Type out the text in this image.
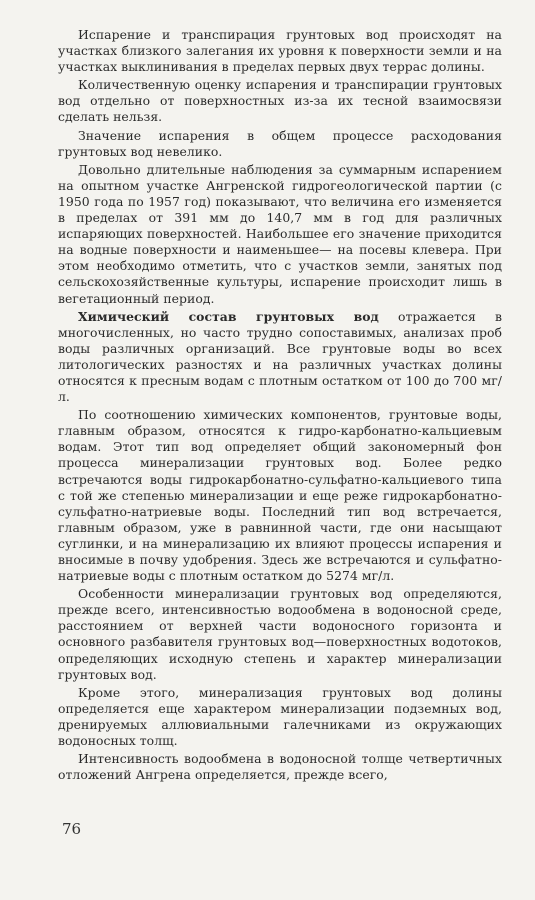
Испарение и транспирация грунтовых вод происходят на участках близкого залегания их уровня к поверхности земли и на участках выклинивания в пределах первых двух террас долины.

Количественную оценку испарения и транспирации грунтовых вод отдельно от поверхностных из-за их тесной взаимосвязи сделать нельзя.

Значение испарения в общем процессе расходования грунтовых вод невелико.

Довольно длительные наблюдения за суммарным испарением на опытном участке Ангренской гидрогеологической партии (с 1950 года по 1957 год) показывают, что величина его изменяется в пределах от 391 мм до 140,7 мм в год для различных испаряющих поверхностей. Наибольшее его значение приходится на водные поверхности и наименьшее— на посевы клевера. При этом необходимо отметить, что с участков земли, занятых под сельскохозяйственные культуры, испарение происходит лишь в вегетационный период.

Химический состав грунтовых вод отражается в многочисленных, но часто трудно сопоставимых, анализах проб воды различных организаций. Все грунтовые воды во всех литологических разностях и на различных участках долины относятся к пресным водам с плотным остатком от 100 до 700 мг/л.

По соотношению химических компонентов, грунтовые воды, главным образом, относятся к гидро-карбонатно-кальциевым водам. Этот тип вод определяет общий закономерный фон процесса минерализации грунтовых вод. Более редко встречаются воды гидрокарбонатно-сульфатно-кальциевого типа с той же степенью минерализации и еще реже гидрокарбонатно-сульфатно-натриевые воды. Последний тип вод встречается, главным образом, уже в равнинной части, где они насыщают суглинки, и на минерализацию их влияют процессы испарения и вносимые в почву удобрения. Здесь же встречаются и сульфатно-натриевые воды с плотным остатком до 5274 мг/л.

Особенности минерализации грунтовых вод определяются, прежде всего, интенсивностью водообмена в водоносной среде, расстоянием от верхней части водоносного горизонта и основного разбавителя грунтовых вод—поверхностных водотоков, определяющих исходную степень и характер минерализации грунтовых вод.

Кроме этого, минерализация грунтовых вод долины определяется еще характером минерализации подземных вод, дренируемых аллювиальными галечниками из окружающих водоносных толщ.

Интенсивность водообмена в водоносной толще четвертичных отложений Ангрена определяется, прежде всего,

76
